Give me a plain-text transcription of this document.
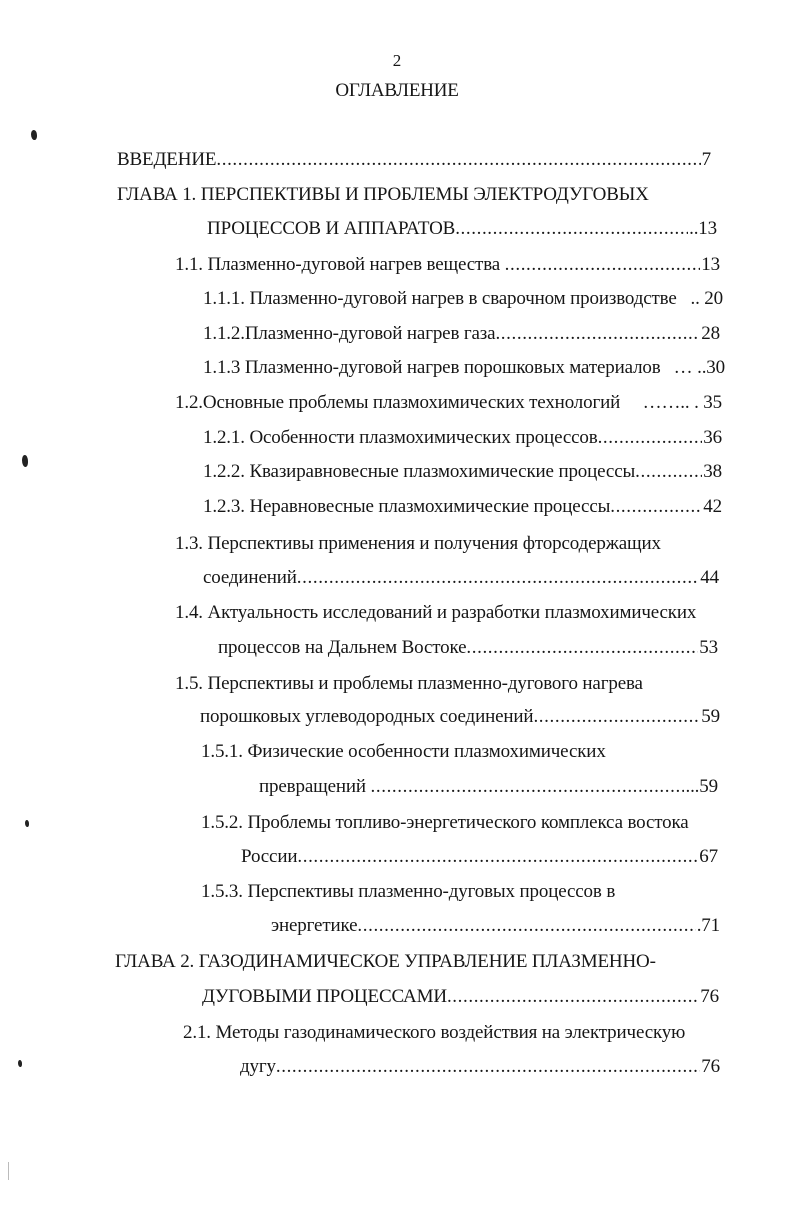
2
ОГЛАВЛЕНИЕ
ВВЕДЕНИЕ	7
.....
ГЛАВА 1. ПЕРСПЕКТИВЫ И ПРОБЛЕМЫ ЭЛЕКТРОДУГОВЫХ
ПРОЦЕССОВ И АППАРАТОВ	..13
.....
1.1. Плазменно-дуговой нагрев вещества	13
.....
1.1.1. Плазменно-дуговой нагрев в сварочном производстве .. 20
1.1.2.Плазменно-дуговой нагрев газа	28
.....
1.1.3 Плазменно-дуговой нагрев порошковых материалов … ..30
1.2.Основные проблемы плазмохимических технологий …….. . 35
1.2.1. Особенности плазмохимических процессов	36
.....
1.2.2. Квазиравновесные плазмохимические процессы	38
.....
1.2.3. Неравновесные плазмохимические процессы	42
.....
1.3. Перспективы применения и получения фторсодержащих
соединений	44
.....
1.4. Актуальность исследований и разработки плазмохимических
процессов на Дальнем Востоке	53
.....
1.5. Перспективы и проблемы плазменно-дугового нагрева
порошковых углеводородных соединений	59
.....
1.5.1. Физические особенности плазмохимических
превращений	...59
.....
1.5.2. Проблемы топливо-энергетического комплекса востока
России	67
.....
1.5.3. Перспективы плазменно-дуговых процессов в
энергетике	.71
.....
ГЛАВА 2. ГАЗОДИНАМИЧЕСКОЕ УПРАВЛЕНИЕ ПЛАЗМЕННО-
ДУГОВЫМИ ПРОЦЕССАМИ	76
.....
2.1. Методы газодинамического воздействия на электрическую
дугу	76
.....
